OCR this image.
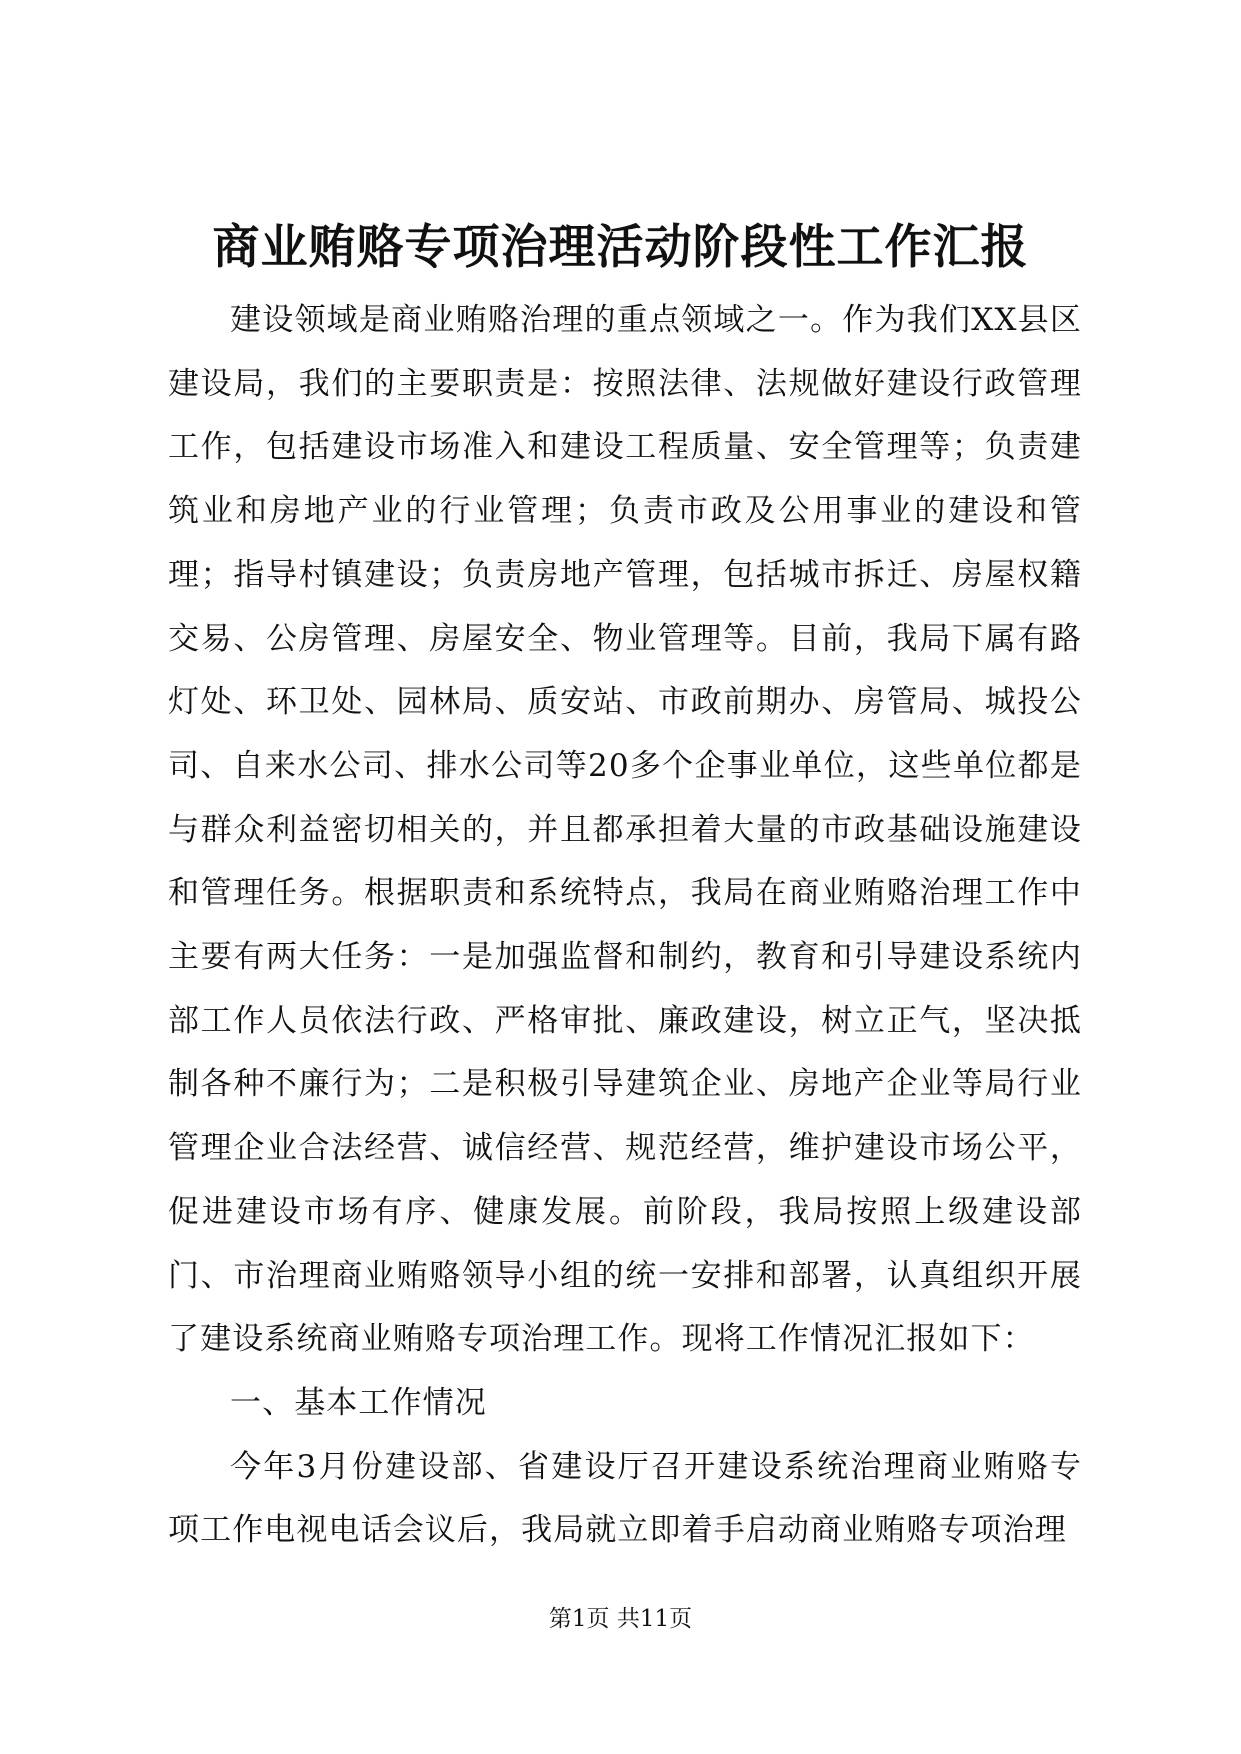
商业贿赂专项治理活动阶段性工作汇报

建设领域是商业贿赂治理的重点领域之一。作为我们XX县区建设局，我们的主要职责是：按照法律、法规做好建设行政管理工作，包括建设市场准入和建设工程质量、安全管理等；负责建筑业和房地产业的行业管理；负责市政及公用事业的建设和管理；指导村镇建设；负责房地产管理，包括城市拆迁、房屋权籍交易、公房管理、房屋安全、物业管理等。目前，我局下属有路灯处、环卫处、园林局、质安站、市政前期办、房管局、城投公司、自来水公司、排水公司等20多个企事业单位，这些单位都是与群众利益密切相关的，并且都承担着大量的市政基础设施建设和管理任务。根据职责和系统特点，我局在商业贿赂治理工作中主要有两大任务：一是加强监督和制约，教育和引导建设系统内部工作人员依法行政、严格审批、廉政建设，树立正气，坚决抵制各种不廉行为；二是积极引导建筑企业、房地产企业等局行业管理企业合法经营、诚信经营、规范经营，维护建设市场公平，促进建设市场有序、健康发展。前阶段，我局按照上级建设部门、市治理商业贿赂领导小组的统一安排和部署，认真组织开展了建设系统商业贿赂专项治理工作。现将工作情况汇报如下：

一、基本工作情况

今年3月份建设部、省建设厅召开建设系统治理商业贿赂专项工作电视电话会议后，我局就立即着手启动商业贿赂专项治理

第1页 共11页
